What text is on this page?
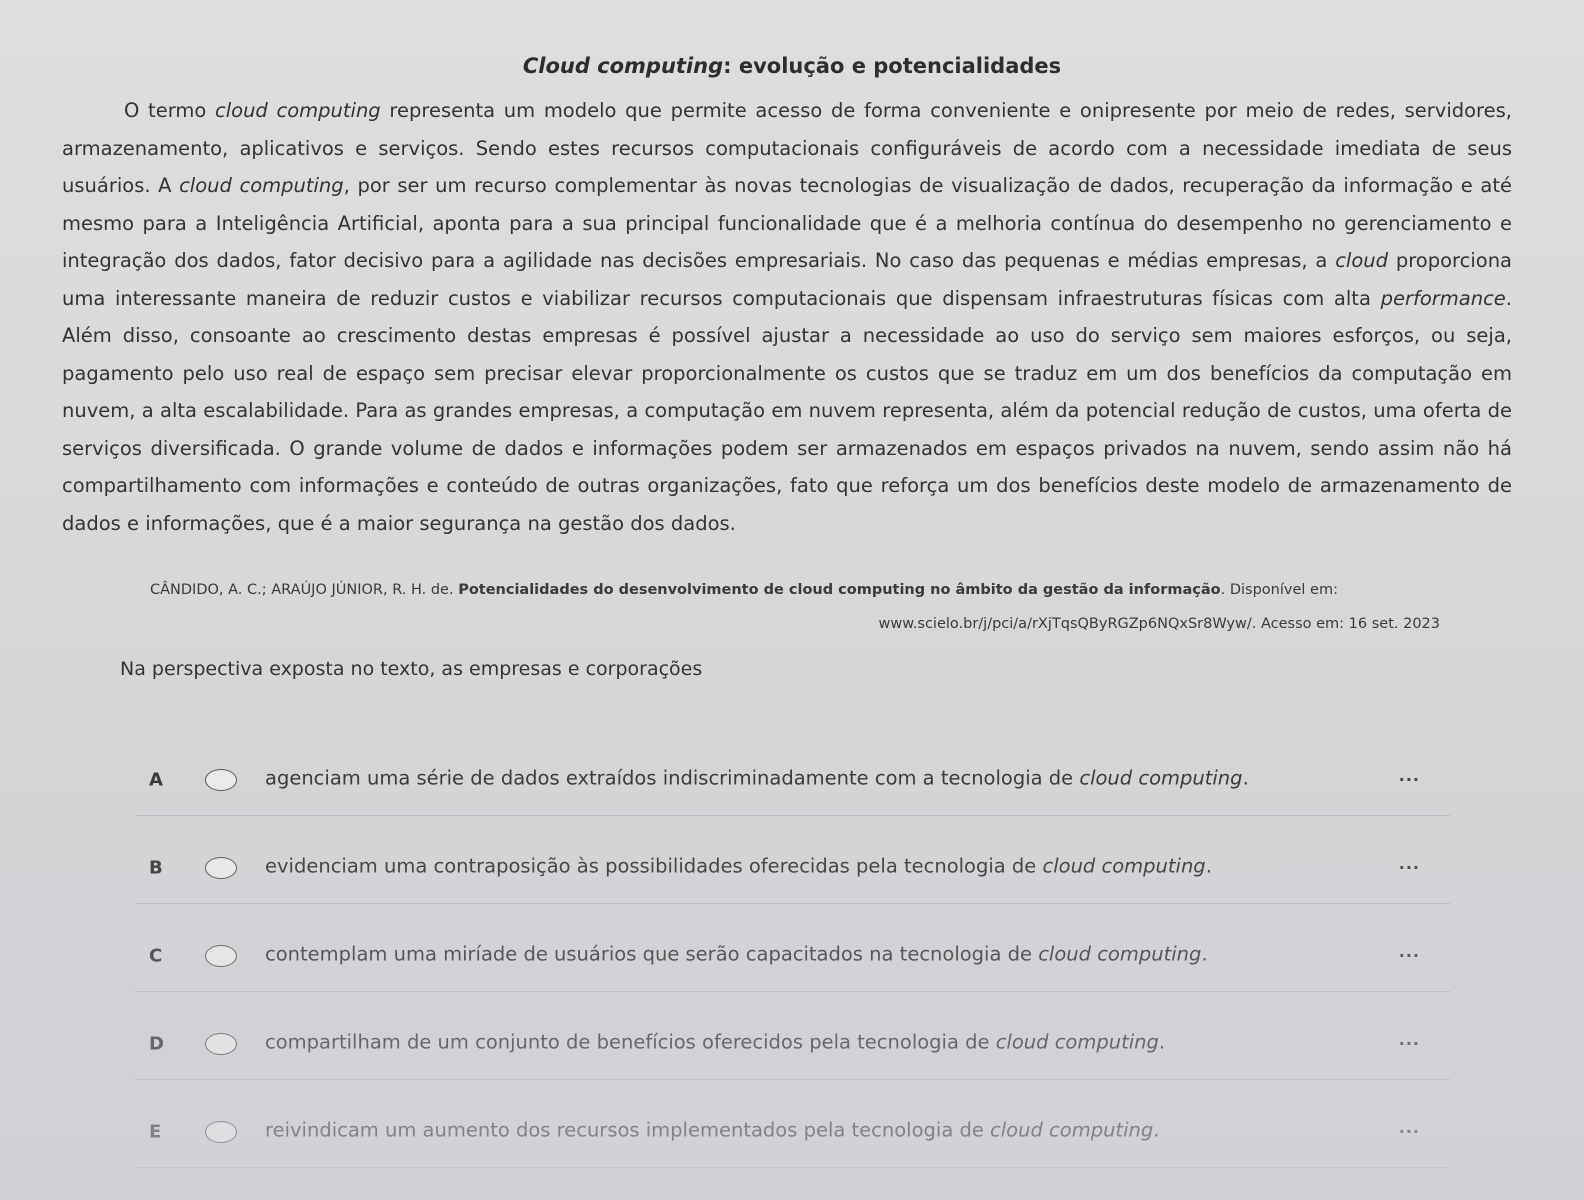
Cloud computing: evolução e potencialidades

O termo cloud computing representa um modelo que permite acesso de forma conveniente e onipresente por meio de redes, servidores, armazenamento, aplicativos e serviços. Sendo estes recursos computacionais configuráveis de acordo com a necessidade imediata de seus usuários. A cloud computing, por ser um recurso complementar às novas tecnologias de visualização de dados, recuperação da informação e até mesmo para a Inteligência Artificial, aponta para a sua principal funcionalidade que é a melhoria contínua do desempenho no gerenciamento e integração dos dados, fator decisivo para a agilidade nas decisões empresariais. No caso das pequenas e médias empresas, a cloud proporciona uma interessante maneira de reduzir custos e viabilizar recursos computacionais que dispensam infraestruturas físicas com alta performance. Além disso, consoante ao crescimento destas empresas é possível ajustar a necessidade ao uso do serviço sem maiores esforços, ou seja, pagamento pelo uso real de espaço sem precisar elevar proporcionalmente os custos que se traduz em um dos benefícios da computação em nuvem, a alta escalabilidade. Para as grandes empresas, a computação em nuvem representa, além da potencial redução de custos, uma oferta de serviços diversificada. O grande volume de dados e informações podem ser armazenados em espaços privados na nuvem, sendo assim não há compartilhamento com informações e conteúdo de outras organizações, fato que reforça um dos benefícios deste modelo de armazenamento de dados e informações, que é a maior segurança na gestão dos dados.

CÂNDIDO, A. C.; ARAÚJO JÚNIOR, R. H. de. Potencialidades do desenvolvimento de cloud computing no âmbito da gestão da informação. Disponível em:
www.scielo.br/j/pci/a/rXjTqsQByRGZp6NQxSr8Wyw/. Acesso em: 16 set. 2023
Na perspectiva exposta no texto, as empresas e corporações
A	agenciam uma série de dados extraídos indiscriminadamente com a tecnologia de cloud computing.	...
B	evidenciam uma contraposição às possibilidades oferecidas pela tecnologia de cloud computing.	...
C	contemplam uma miríade de usuários que serão capacitados na tecnologia de cloud computing.	...
D	compartilham de um conjunto de benefícios oferecidos pela tecnologia de cloud computing.	...
E	reivindicam um aumento dos recursos implementados pela tecnologia de cloud computing.	...
